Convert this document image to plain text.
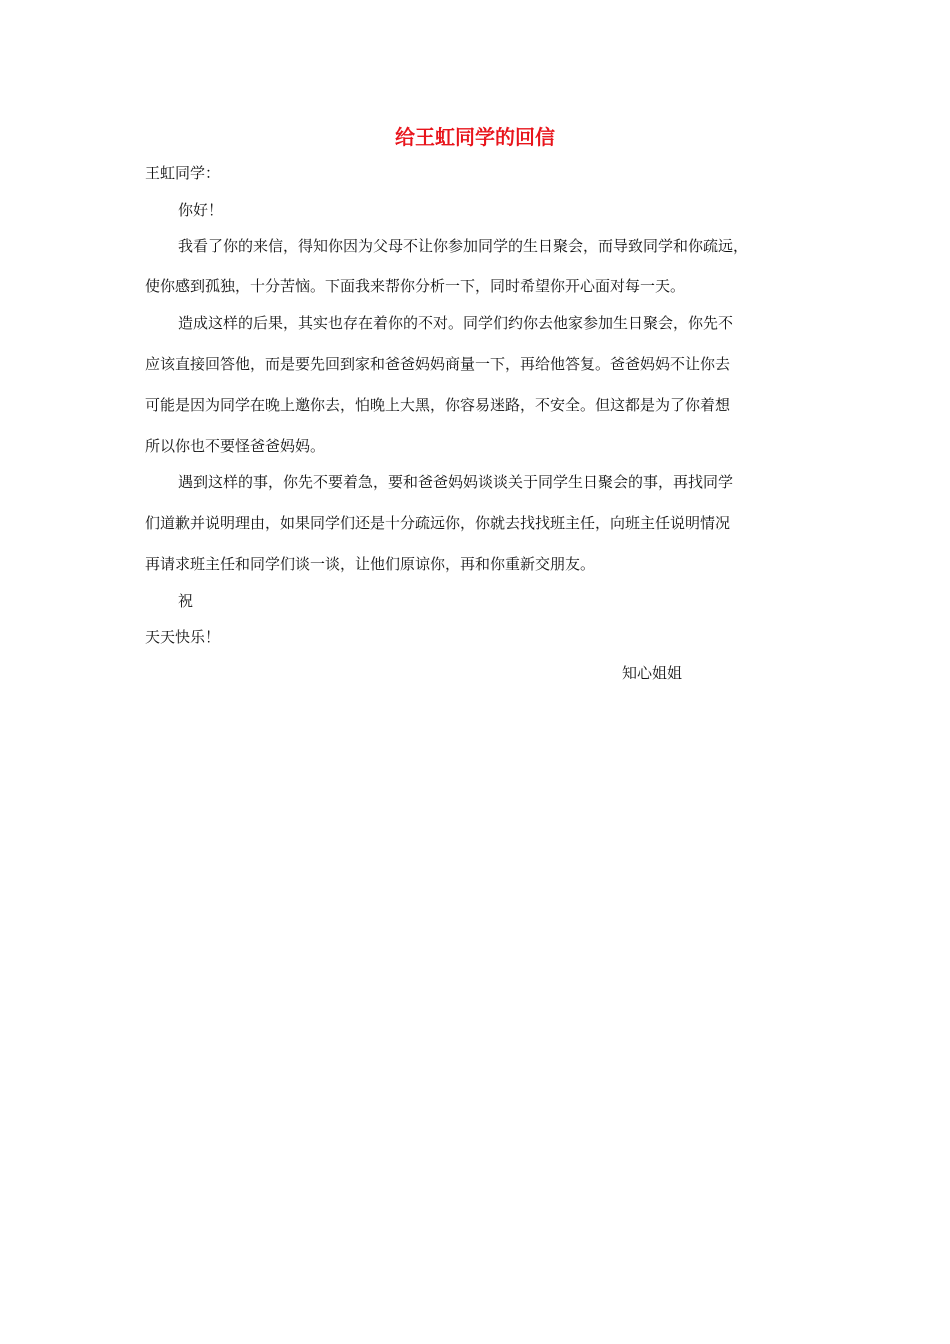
给王虹同学的回信
王虹同学：
你好！
我看了你的来信，得知你因为父母不让你参加同学的生日聚会，而导致同学和你疏远，
使你感到孤独，十分苦恼。下面我来帮你分析一下，同时希望你开心面对每一天。
造成这样的后果，其实也存在着你的不对。同学们约你去他家参加生日聚会，你先不
应该直接回答他，而是要先回到家和爸爸妈妈商量一下，再给他答复。爸爸妈妈不让你去
可能是因为同学在晚上邀你去，怕晚上大黑，你容易迷路，不安全。但这都是为了你着想
所以你也不要怪爸爸妈妈。
遇到这样的事，你先不要着急，要和爸爸妈妈谈谈关于同学生日聚会的事，再找同学
们道歉并说明理由，如果同学们还是十分疏远你，你就去找找班主任，向班主任说明情况
再请求班主任和同学们谈一谈，让他们原谅你，再和你重新交朋友。
祝
天天快乐！
知心姐姐
